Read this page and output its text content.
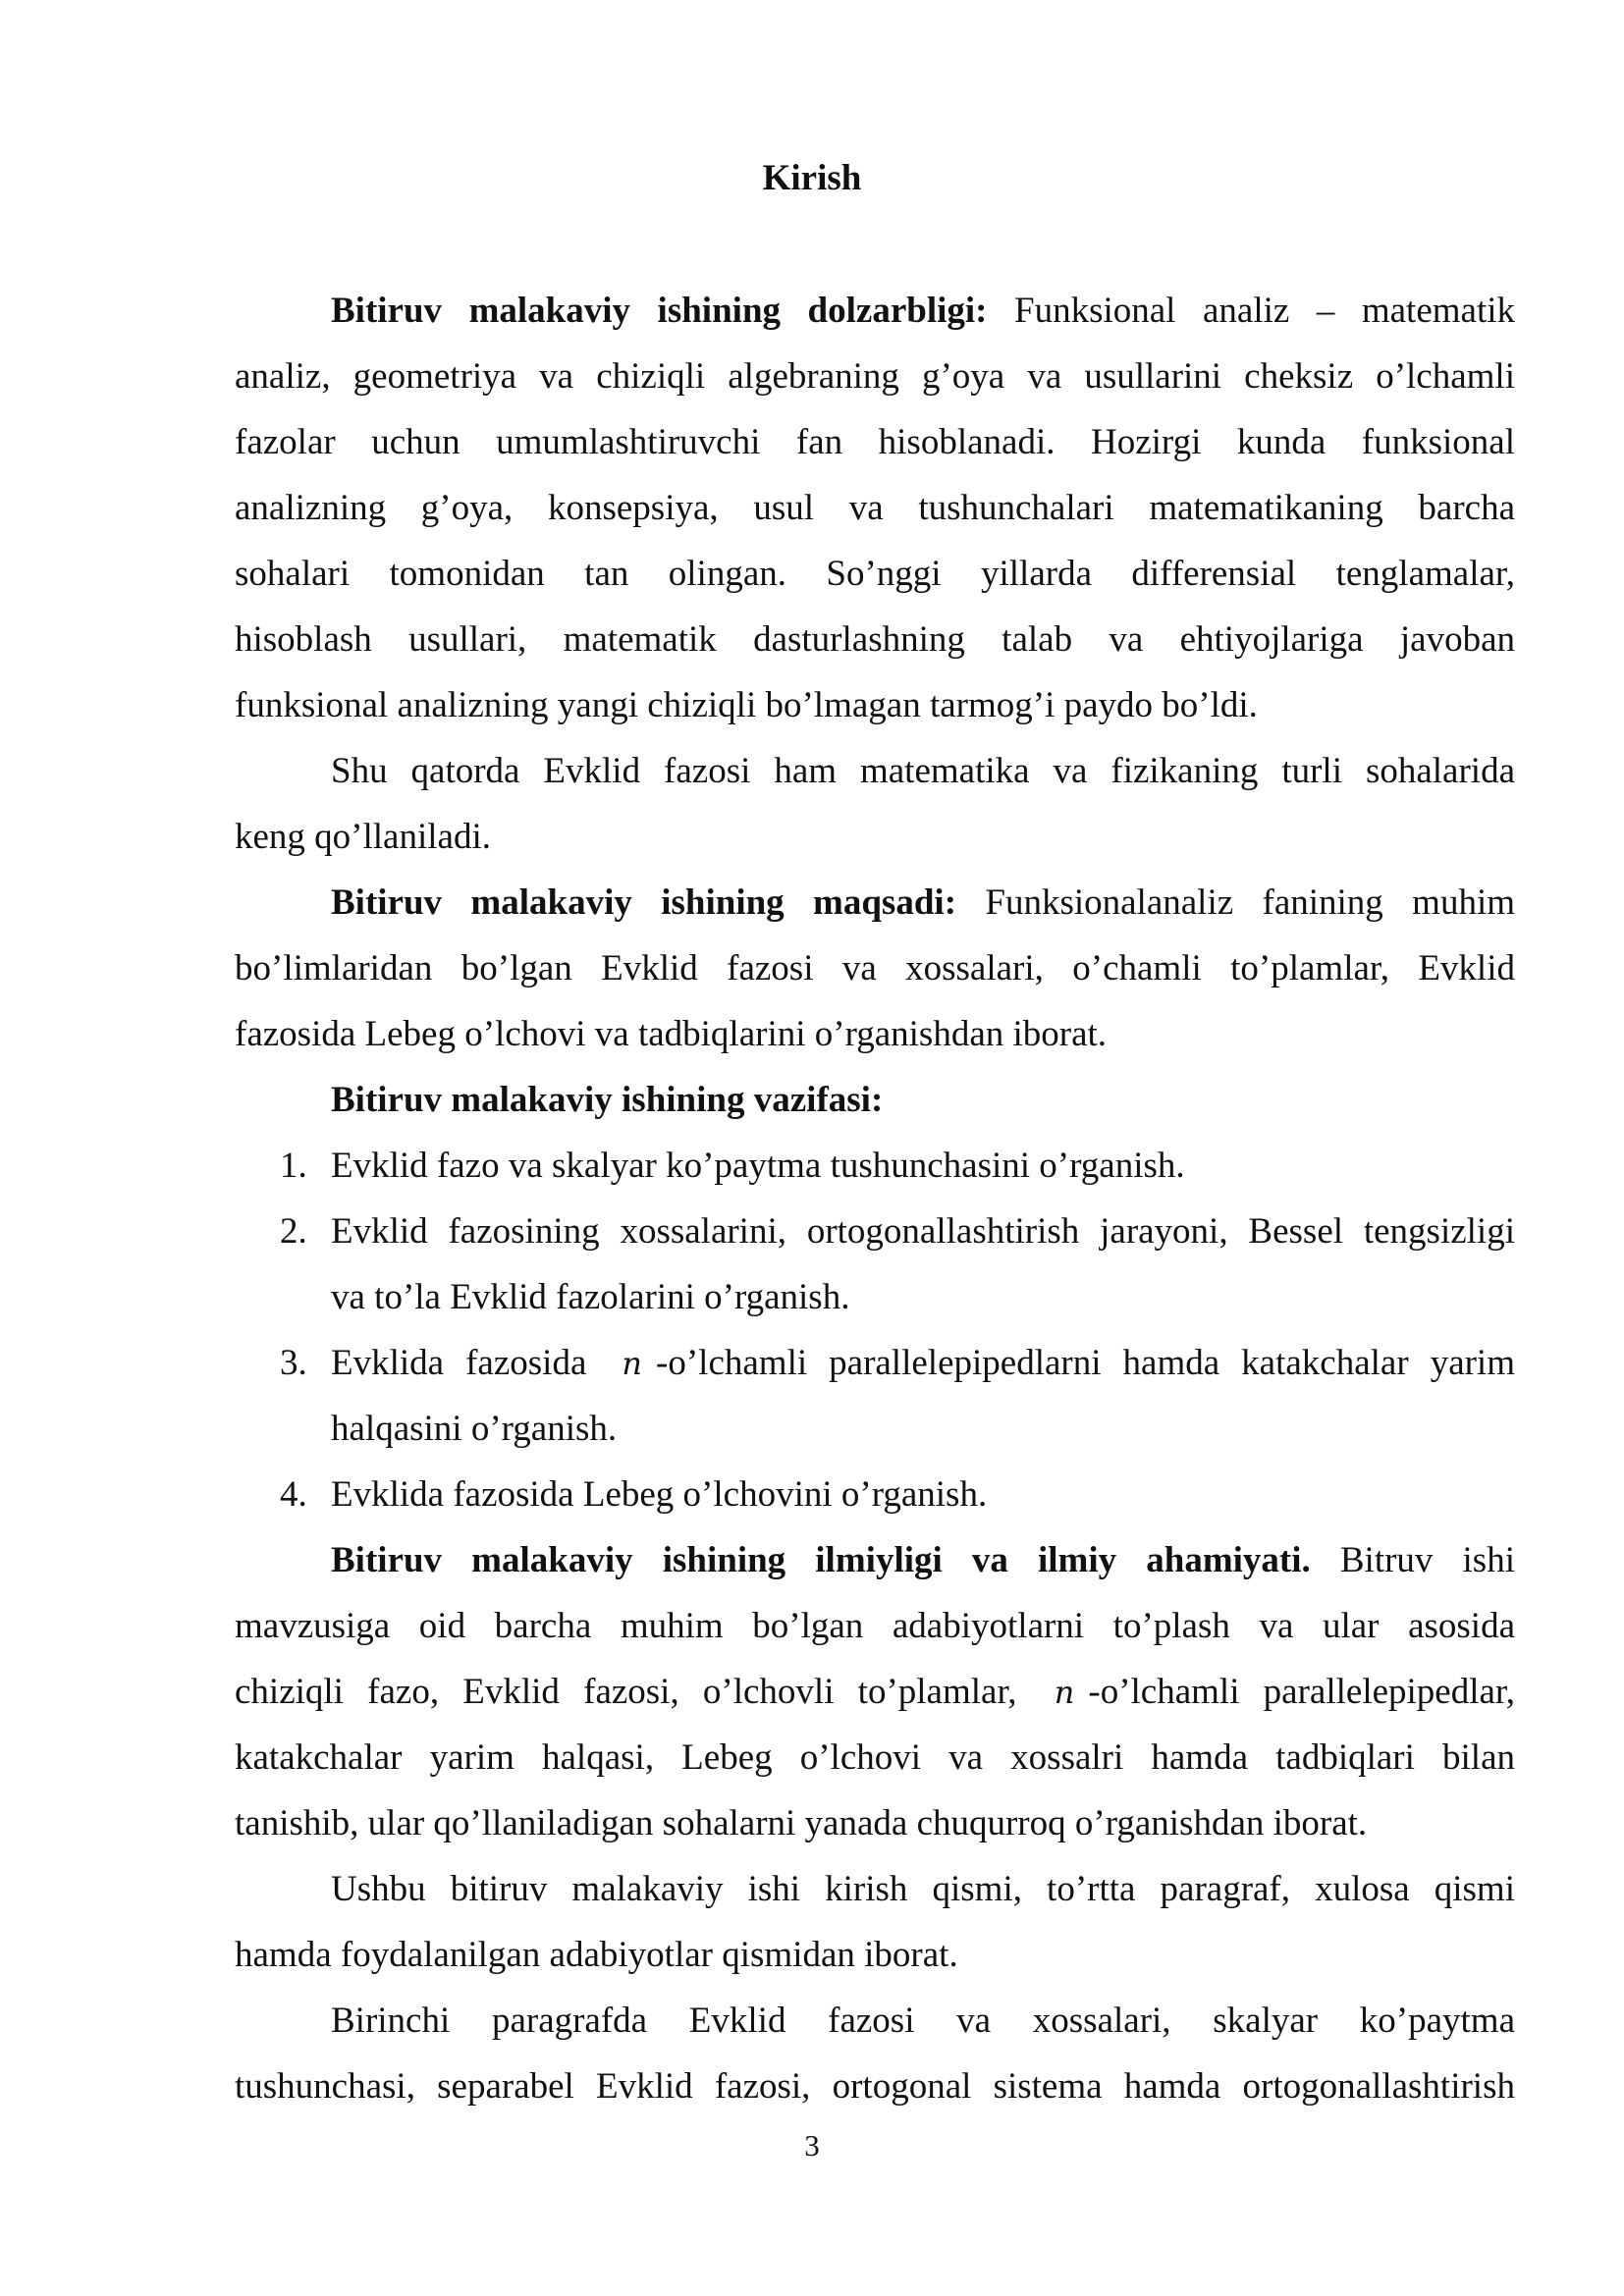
Kirish
Bitiruv malakaviy ishining dolzarbligi: Funksional analiz – matematik
analiz, geometriya va chiziqli algebraning g’oya va usullarini cheksiz o’lchamli
fazolar uchun umumlashtiruvchi fan hisoblanadi. Hozirgi kunda funksional
analizning g’oya, konsepsiya, usul va tushunchalari matematikaning barcha
sohalari tomonidan tan olingan. So’nggi yillarda differensial tenglamalar,
hisoblash usullari, matematik dasturlashning talab va ehtiyojlariga javoban
funksional analizning yangi chiziqli bo’lmagan tarmog’i paydo bo’ldi.
Shu qatorda Evklid fazosi ham matematika va fizikaning turli sohalarida
keng qo’llaniladi.
Bitiruv malakaviy ishining maqsadi: Funksionalanaliz fanining muhim
bo’limlaridan bo’lgan Evklid fazosi va xossalari, o’chamli to’plamlar, Evklid
fazosida Lebeg o’lchovi va tadbiqlarini o’rganishdan iborat.
Bitiruv malakaviy ishining vazifasi:
1. Evklid fazo va skalyar ko’paytma tushunchasini o’rganish.
2. Evklid fazosining xossalarini, ortogonallashtirish jarayoni, Bessel tengsizligi
va to’la Evklid fazolarini o’rganish.
3. Evklida fazosida n -o’lchamli parallelepipedlarni hamda katakchalar yarim
halqasini o’rganish.
4. Evklida fazosida Lebeg o’lchovini o’rganish.
Bitiruv malakaviy ishining ilmiyligi va ilmiy ahamiyati. Bitruv ishi
mavzusiga oid barcha muhim bo’lgan adabiyotlarni to’plash va ular asosida
chiziqli fazo, Evklid fazosi, o’lchovli to’plamlar, n -o’lchamli parallelepipedlar,
katakchalar yarim halqasi, Lebeg o’lchovi va xossalri hamda tadbiqlari bilan
tanishib, ular qo’llaniladigan sohalarni yanada chuqurroq o’rganishdan iborat.
Ushbu bitiruv malakaviy ishi kirish qismi, to’rtta paragraf, xulosa qismi
hamda foydalanilgan adabiyotlar qismidan iborat.
Birinchi paragrafda Evklid fazosi va xossalari, skalyar ko’paytma
tushunchasi, separabel Evklid fazosi, ortogonal sistema hamda ortogonallashtirish
3
